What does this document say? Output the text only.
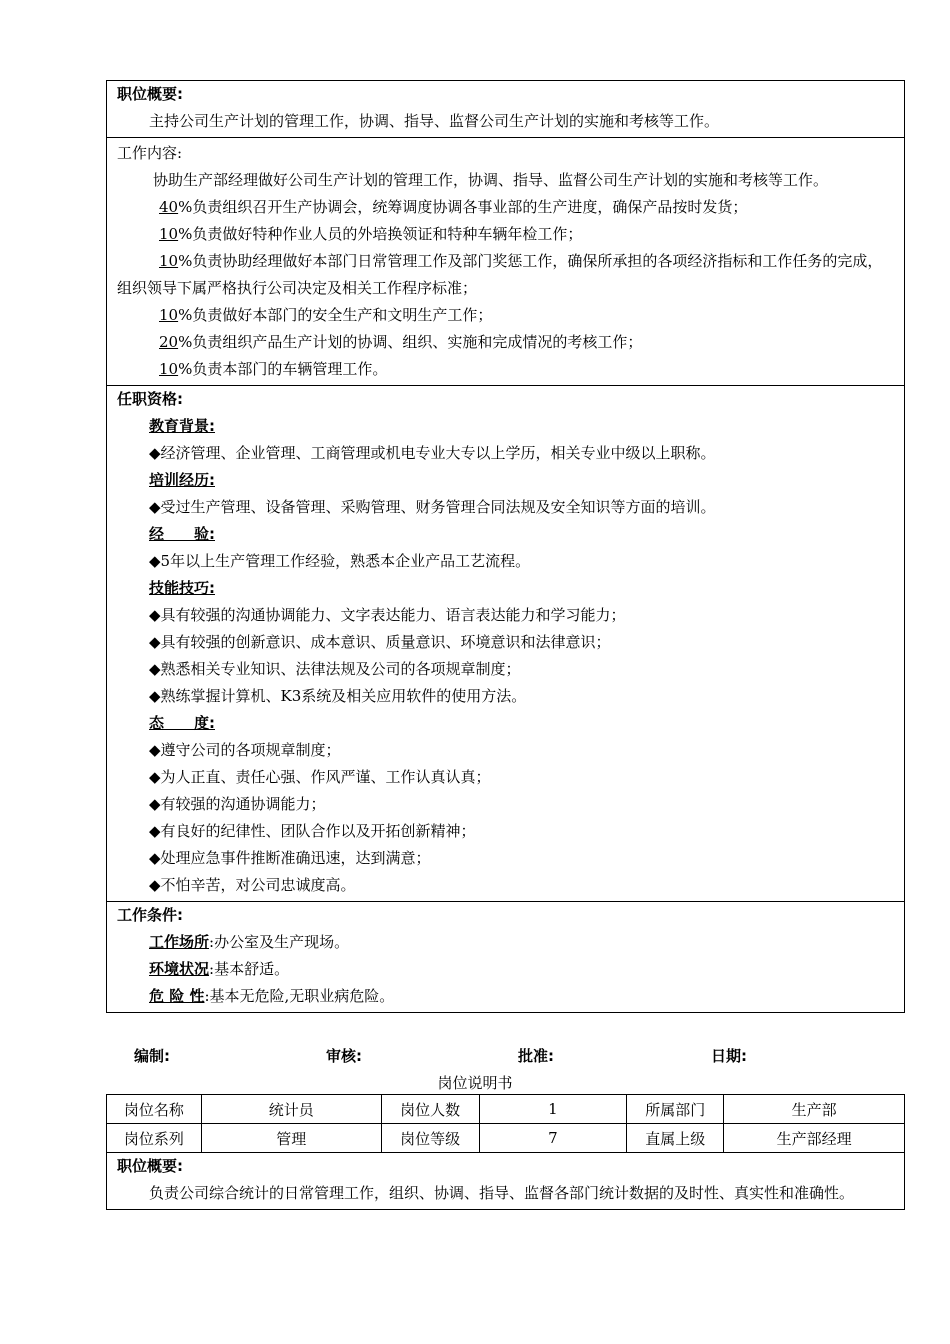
职位概要:
主持公司生产计划的管理工作，协调、指导、监督公司生产计划的实施和考核等工作。
工作内容:
协助生产部经理做好公司生产计划的管理工作，协调、指导、监督公司生产计划的实施和考核等工作。
40%负责组织召开生产协调会，统筹调度协调各事业部的生产进度，确保产品按时发货；
10%负责做好特种作业人员的外培换领证和特种车辆年检工作；
10%负责协助经理做好本部门日常管理工作及部门奖惩工作，确保所承担的各项经济指标和工作任务的完成，组织领导下属严格执行公司决定及相关工作程序标准；
10%负责做好本部门的安全生产和文明生产工作；
20%负责组织产品生产计划的协调、组织、实施和完成情况的考核工作；
10%负责本部门的车辆管理工作。
任职资格:
教育背景:
◆经济管理、企业管理、工商管理或机电专业大专以上学历，相关专业中级以上职称。
培训经历:
◆受过生产管理、设备管理、采购管理、财务管理合同法规及安全知识等方面的培训。
经　　验:
◆5年以上生产管理工作经验，熟悉本企业产品工艺流程。
技能技巧:
◆具有较强的沟通协调能力、文字表达能力、语言表达能力和学习能力；
◆具有较强的创新意识、成本意识、质量意识、环境意识和法律意识；
◆熟悉相关专业知识、法律法规及公司的各项规章制度；
◆熟练掌握计算机、K3系统及相关应用软件的使用方法。
态　　度:
◆遵守公司的各项规章制度；
◆为人正直、责任心强、作风严谨、工作认真认真；
◆有较强的沟通协调能力；
◆有良好的纪律性、团队合作以及开拓创新精神；
◆处理应急事件推断准确迅速，达到满意；
◆不怕辛苦，对公司忠诚度高。
工作条件:
工作场所:办公室及生产现场。
环境状况:基本舒适。
危 险 性:基本无危险,无职业病危险。
编制:	审核:	批准:	日期:
岗位说明书
岗位名称	统计员	岗位人数	1	所属部门	生产部
岗位系列	管理	岗位等级	7	直属上级	生产部经理
职位概要:
负责公司综合统计的日常管理工作，组织、协调、指导、监督各部门统计数据的及时性、真实性和准确性。
